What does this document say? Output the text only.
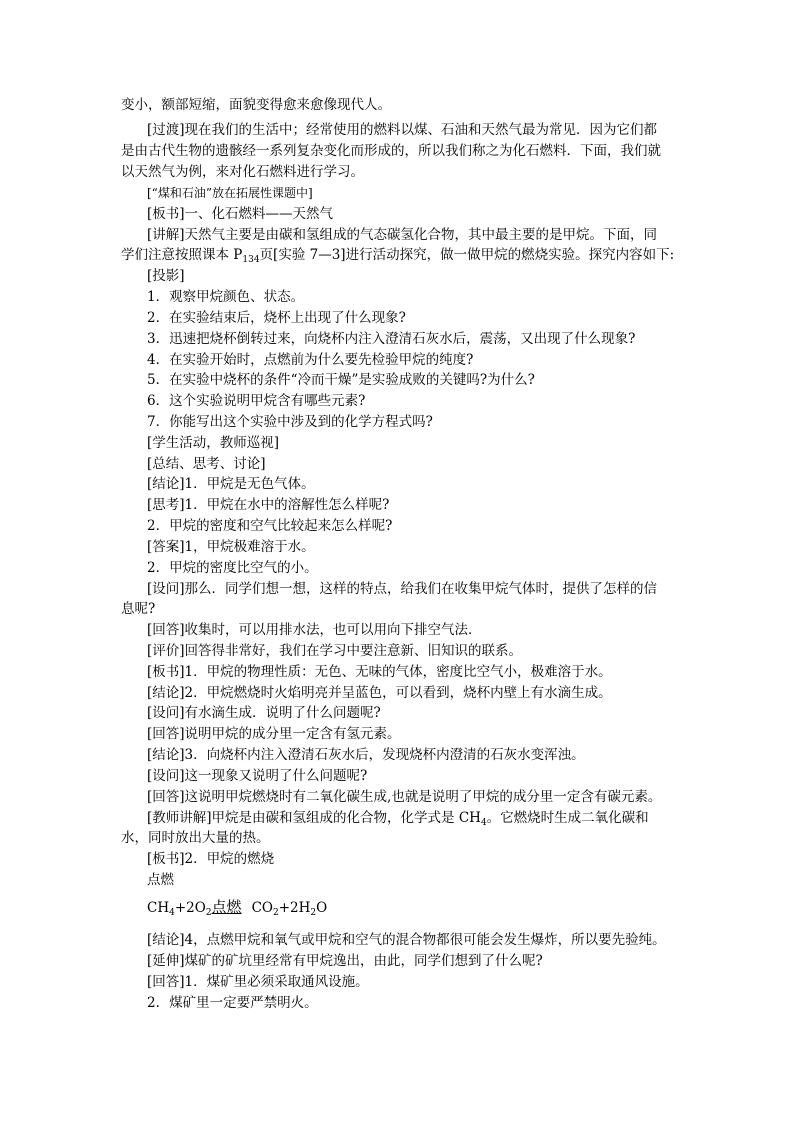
变小，额部短缩，面貌变得愈来愈像现代人。
[过渡]现在我们的生活中；经常使用的燃料以煤、石油和天然气最为常见．因为它们都
是由古代生物的遗骸经一系列复杂变化而形成的，所以我们称之为化石燃料．下面，我们就
以天然气为例，来对化石燃料进行学习。
[“煤和石油”放在拓展性课题中]
[板书]一、化石燃料——天然气
[讲解]天然气主要是由碳和氢组成的气态碳氢化合物，其中最主要的是甲烷。下面，同
学们注意按照课本 $P_{134}$页[实验 7—3]进行活动探究，做一做甲烷的燃烧实验。探究内容如下:
[投影]
1．观察甲烷颜色、状态。
2．在实验结束后，烧杯上出现了什么现象?
3．迅速把烧杯倒转过来，向烧杯内注入澄清石灰水后，震荡，又出现了什么现象?
4．在实验开始时，点燃前为什么要先检验甲烷的纯度?
5．在实验中烧杯的条件“冷而干燥”是实验成败的关键吗?为什么?
6．这个实验说明甲烷含有哪些元素?
7．你能写出这个实验中涉及到的化学方程式吗?
[学生活动，教师巡视]
[总结、思考、讨论]
[结论]1．甲烷是无色气体。
[思考]1．甲烷在水中的溶解性怎么样呢?
2．甲烷的密度和空气比较起来怎么样呢?
[答案]1，甲烷极难溶于水。
2．甲烷的密度比空气的小。
[设问]那么．同学们想一想，这样的特点，给我们在收集甲烷气体时，提供了怎样的信
息呢?
[回答]收集时，可以用排水法，也可以用向下排空气法．
[评价]回答得非常好，我们在学习中要注意新、旧知识的联系。
[板书]1．甲烷的物理性质：无色、无味的气体，密度比空气小，极难溶于水。
[结论]2．甲烷燃烧时火焰明亮并呈蓝色，可以看到，烧杯内壁上有水滴生成。
[设问]有水滴生成．说明了什么问题呢?
[回答]说明甲烷的成分里一定含有氢元素。
[结论]3．向烧杯内注入澄清石灰水后，发现烧杯内澄清的石灰水变浑浊。
[设问]这一现象又说明了什么问题呢?
[回答]这说明甲烷燃烧时有二氧化碳生成,也就是说明了甲烷的成分里一定含有碳元素。
[教师讲解]甲烷是由碳和氢组成的化合物，化学式是 $CH_4$。它燃烧时生成二氧化碳和
水，同时放出大量的热。
[板书]2．甲烷的燃烧
点燃
$CH_4+2O_2$点燃 $CO_2+2H_2O$
[结论]4，点燃甲烷和氧气或甲烷和空气的混合物都很可能会发生爆炸，所以要先验纯。
[延伸]煤矿的矿坑里经常有甲烷逸出，由此，同学们想到了什么呢?
[回答]1．煤矿里必须采取通风设施。
2．煤矿里一定要严禁明火。
